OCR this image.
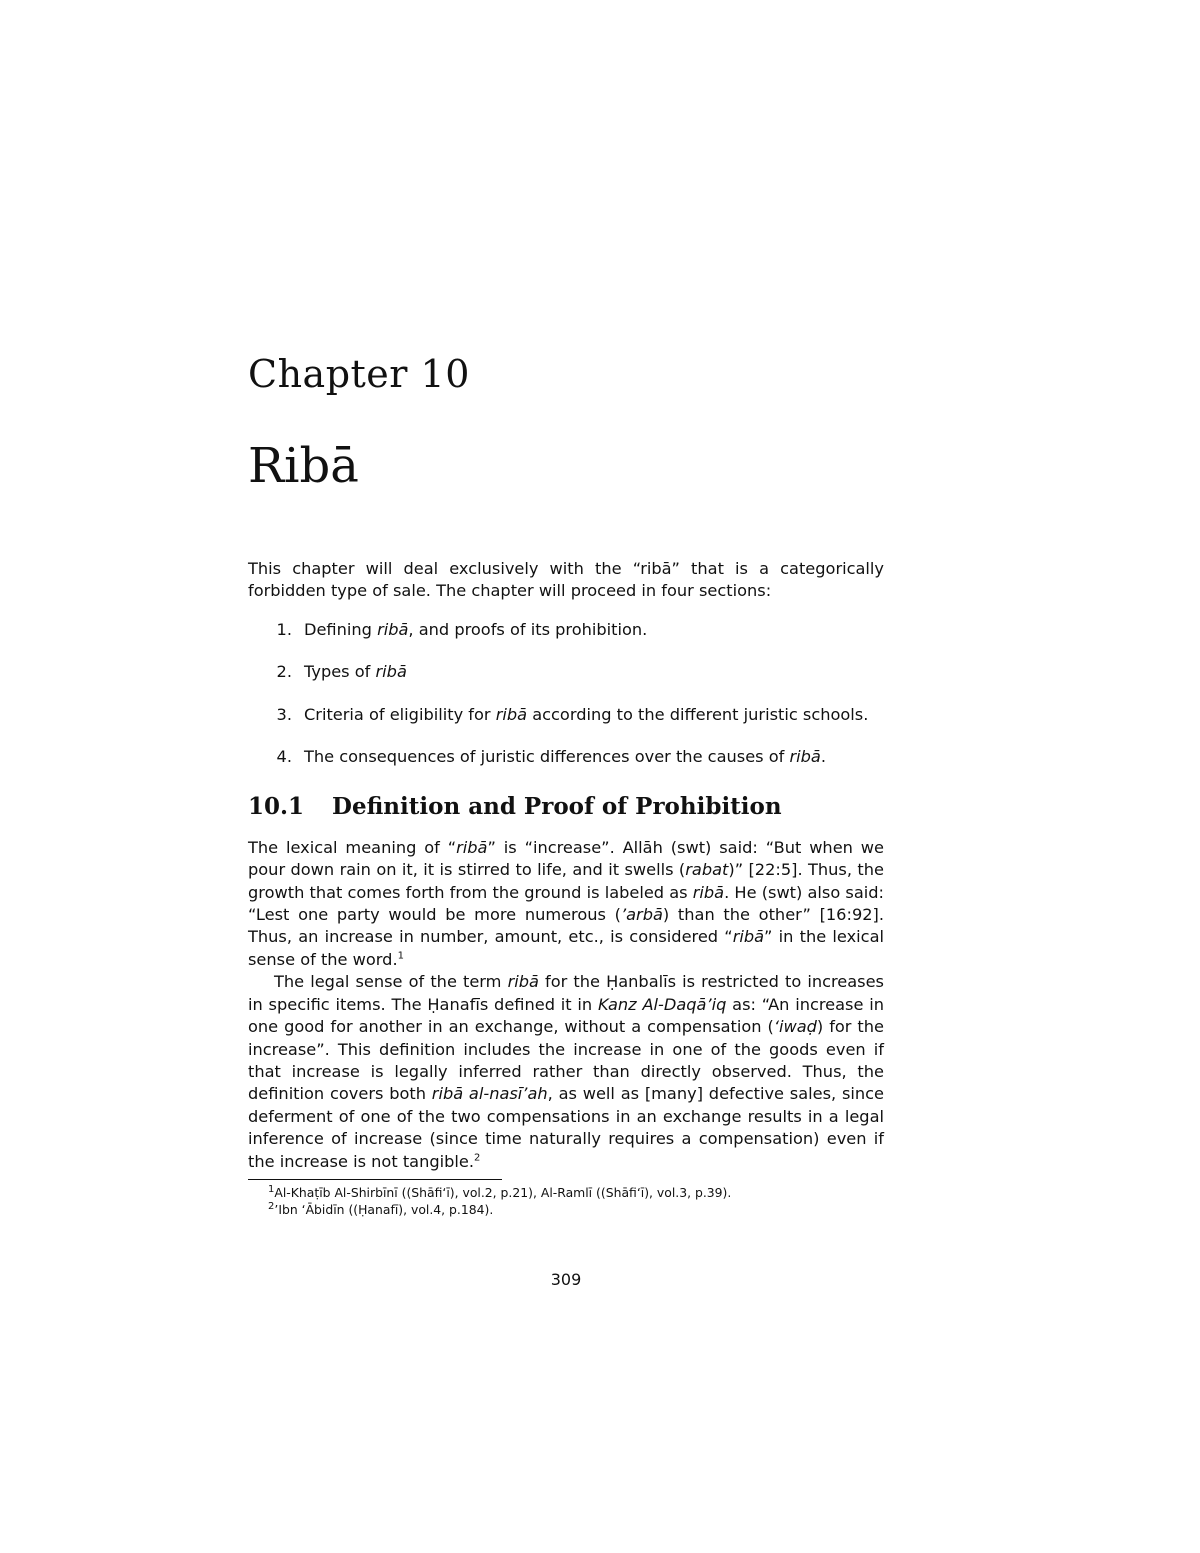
Chapter 10
Ribā

This chapter will deal exclusively with the “ribā” that is a categorically forbidden type of sale. The chapter will proceed in four sections:

1. Defining ribā, and proofs of its prohibition.
2. Types of ribā
3. Criteria of eligibility for ribā according to the different juristic schools.
4. The consequences of juristic differences over the causes of ribā.
10.1	Definition and Proof of Prohibition

The lexical meaning of “ribā” is “increase”. Allāh (swt) said: “But when we pour down rain on it, it is stirred to life, and it swells (rabat)” [22:5]. Thus, the growth that comes forth from the ground is labeled as ribā. He (swt) also said: “Lest one party would be more numerous (’arbā) than the other” [16:92]. Thus, an increase in number, amount, etc., is considered “ribā” in the lexical sense of the word.$^1$

The legal sense of the term ribā for the Ḥanbalīs is restricted to increases in specific items. The Ḥanafīs defined it in Kanz Al-Daqā’iq as: “An increase in one good for another in an exchange, without a compensation (‘iwaḍ) for the increase”. This definition includes the increase in one of the goods even if that increase is legally inferred rather than directly observed. Thus, the definition covers both ribā al-nasī’ah, as well as [many] defective sales, since deferment of one of the two compensations in an exchange results in a legal inference of increase (since time naturally requires a compensation) even if the increase is not tangible.$^2$

$^1$Al-Khaṭīb Al-Shirbīnī ((Shāfi‘ī), vol.2, p.21), Al-Ramlī ((Shāfi‘ī), vol.3, p.39).
$^2$’Ibn ‘Ābidīn ((Ḥanafī), vol.4, p.184).
309
